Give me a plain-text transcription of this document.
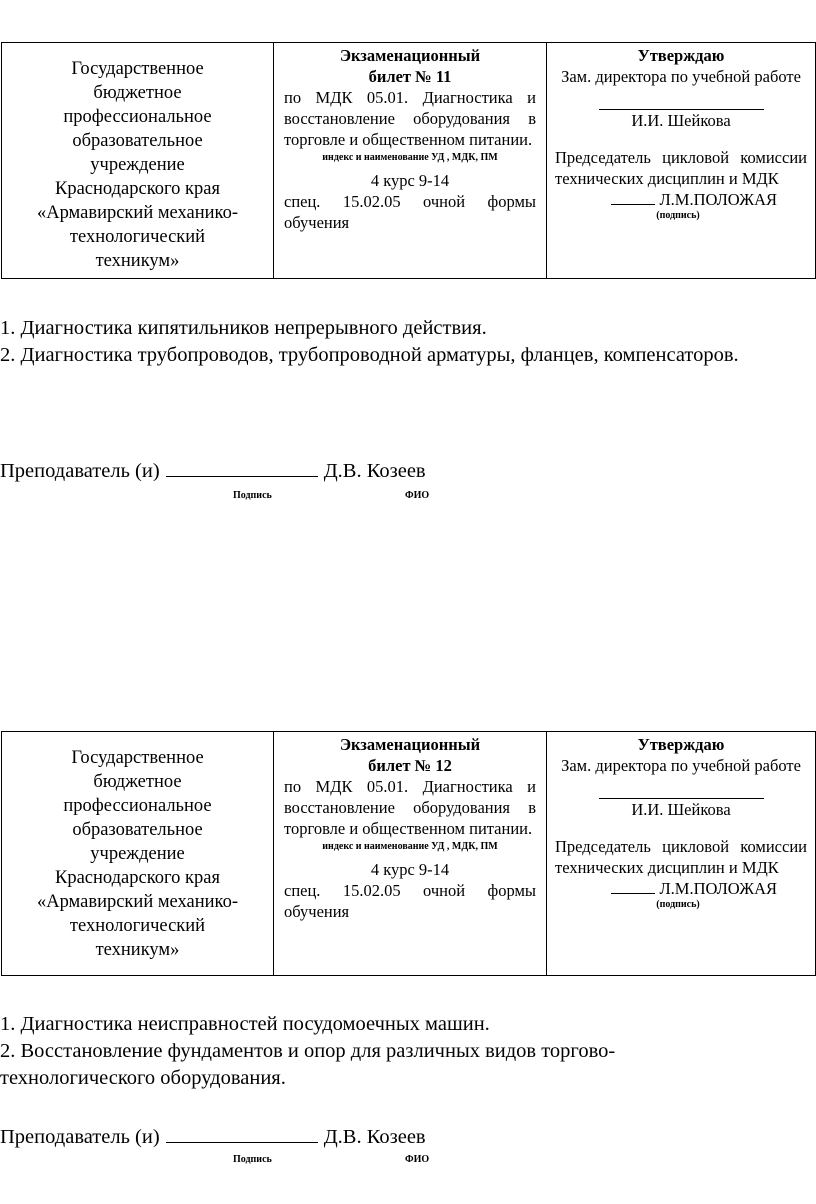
Государственное
бюджетное
профессиональное
образовательное
учреждение
Краснодарского края
«Армавирский механико-
технологический
техникум»

Экзаменационный
билет № 11
по МДК 05.01. Диагностика и восстановление оборудования в торговле и общественном питании.
индекс и наименование УД , МДК, ПМ
4 курс 9-14
спец. 15.02.05 очной формы обучения

Утверждаю
Зам. директора по учебной работе
И.И. Шейкова
Председатель цикловой комиссии технических дисциплин и МДК
Л.М.ПОЛОЖАЯ
(подпись)
1. Диагностика кипятильников непрерывного действия.
2. Диагностика трубопроводов, трубопроводной арматуры, фланцев, компенсаторов.
Преподаватель (и)	Д.В. Козеев
Подпись	ФИО
Государственное
бюджетное
профессиональное
образовательное
учреждение
Краснодарского края
«Армавирский механико-
технологический
техникум»

Экзаменационный
билет № 12
по МДК 05.01. Диагностика и восстановление оборудования в торговле и общественном питании.
индекс и наименование УД , МДК, ПМ
4 курс 9-14
спец. 15.02.05 очной формы обучения

Утверждаю
Зам. директора по учебной работе
И.И. Шейкова
Председатель цикловой комиссии технических дисциплин и МДК
Л.М.ПОЛОЖАЯ
(подпись)
1. Диагностика неисправностей посудомоечных машин.
2. Восстановление фундаментов и опор для различных видов торгово-технологического оборудования.
Преподаватель (и)	Д.В. Козеев
Подпись	ФИО
